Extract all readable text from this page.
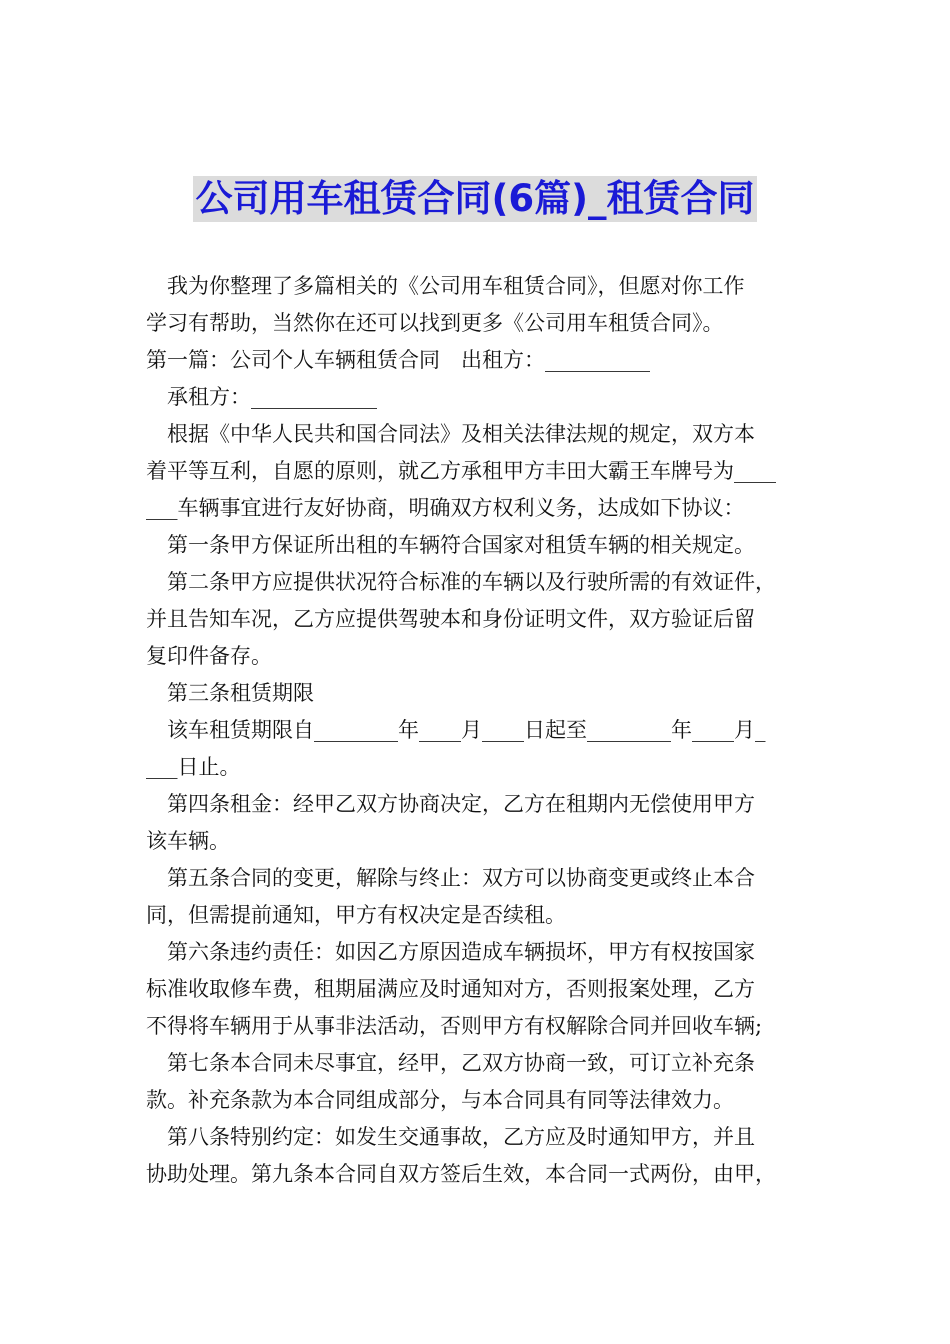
公司用车租赁合同(6篇)_租赁合同
我为你整理了多篇相关的《公司用车租赁合同》，但愿对你工作
学习有帮助，当然你在还可以找到更多《公司用车租赁合同》。
第一篇：公司个人车辆租赁合同　出租方：__________
承租方：____________
根据《中华人民共和国合同法》及相关法律法规的规定，双方本
着平等互利，自愿的原则，就乙方承租甲方丰田大霸王车牌号为____
___车辆事宜进行友好协商，明确双方权利义务，达成如下协议：
第一条甲方保证所出租的车辆符合国家对租赁车辆的相关规定。
第二条甲方应提供状况符合标准的车辆以及行驶所需的有效证件，
并且告知车况，乙方应提供驾驶本和身份证明文件，双方验证后留
复印件备存。
第三条租赁期限
该车租赁期限自________年____月____日起至________年____月_
___日止。
第四条租金：经甲乙双方协商决定，乙方在租期内无偿使用甲方
该车辆。
第五条合同的变更，解除与终止：双方可以协商变更或终止本合
同，但需提前通知，甲方有权决定是否续租。
第六条违约责任：如因乙方原因造成车辆损坏，甲方有权按国家
标准收取修车费，租期届满应及时通知对方，否则报案处理，乙方
不得将车辆用于从事非法活动，否则甲方有权解除合同并回收车辆;
第七条本合同未尽事宜，经甲，乙双方协商一致，可订立补充条
款。补充条款为本合同组成部分，与本合同具有同等法律效力。
第八条特别约定：如发生交通事故，乙方应及时通知甲方，并且
协助处理。第九条本合同自双方签后生效，本合同一式两份，由甲，
